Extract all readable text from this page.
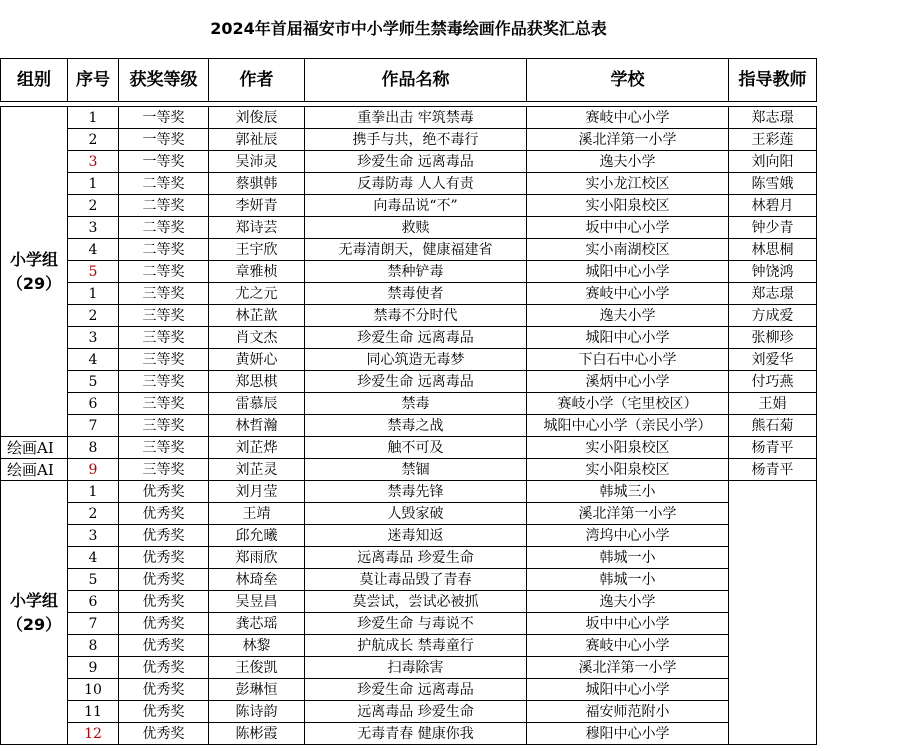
2024年首届福安市中小学师生禁毒绘画作品获奖汇总表						
组别	序号	获奖等级	作者	作品名称	学校	指导教师

小学组
（29）	1	一等奖	刘俊辰	重拳出击 牢筑禁毒	赛岐中心小学	郑志璟
	2	一等奖	郭祉辰	携手与共，绝不毒行	溪北洋第一小学	王彩莲
	3	一等奖	吴沛灵	珍爱生命 远离毒品	逸夫小学	刘向阳
	1	二等奖	蔡骐韩	反毒防毒 人人有责	实小龙江校区	陈雪娥
	2	二等奖	李妍青	向毒品说“不”	实小阳泉校区	林碧月
	3	二等奖	郑诗芸	救赎	坂中中心小学	钟少青
	4	二等奖	王宇欣	无毒清朗天，健康福建省	实小南湖校区	林思桐
	5	二等奖	章雅桢	禁种铲毒	城阳中心小学	钟饶鸿
	1	三等奖	尤之元	禁毒使者	赛岐中心小学	郑志璟
	2	三等奖	林芷歆	禁毒不分时代	逸夫小学	方成爱
	3	三等奖	肖文杰	珍爱生命 远离毒品	城阳中心小学	张柳珍
	4	三等奖	黄妍心	同心筑造无毒梦	下白石中心小学	刘爱华
	5	三等奖	郑思棋	珍爱生命 远离毒品	溪炳中心小学	付巧燕
	6	三等奖	雷慕辰	禁毒	赛岐小学（宅里校区）	王娟
	7	三等奖	林哲瀚	禁毒之战	城阳中心小学（亲民小学）	熊石菊
绘画AI	8	三等奖	刘芷烨	触不可及	实小阳泉校区	杨青平
绘画AI	9	三等奖	刘芷灵	禁锢	实小阳泉校区	杨青平

小学组
（29）	1	优秀奖	刘月莹	禁毒先锋	韩城三小	
	2	优秀奖	王靖	人毁家破	溪北洋第一小学	
	3	优秀奖	邱允曦	迷毒知返	湾坞中心小学	
	4	优秀奖	郑雨欣	远离毒品 珍爱生命	韩城一小	
	5	优秀奖	林琦垒	莫让毒品毁了青春	韩城一小	
	6	优秀奖	吴昱昌	莫尝试，尝试必被抓	逸夫小学	
	7	优秀奖	龚芯瑶	珍爱生命 与毒说不	坂中中心小学	
	8	优秀奖	林黎	护航成长 禁毒童行	赛岐中心小学	
	9	优秀奖	王俊凯	扫毒除害	溪北洋第一小学	
	10	优秀奖	彭琳恒	珍爱生命 远离毒品	城阳中心小学	
	11	优秀奖	陈诗韵	远离毒品 珍爱生命	福安师范附小	
	12	优秀奖	陈彬霞	无毒青春 健康你我	穆阳中心小学	
